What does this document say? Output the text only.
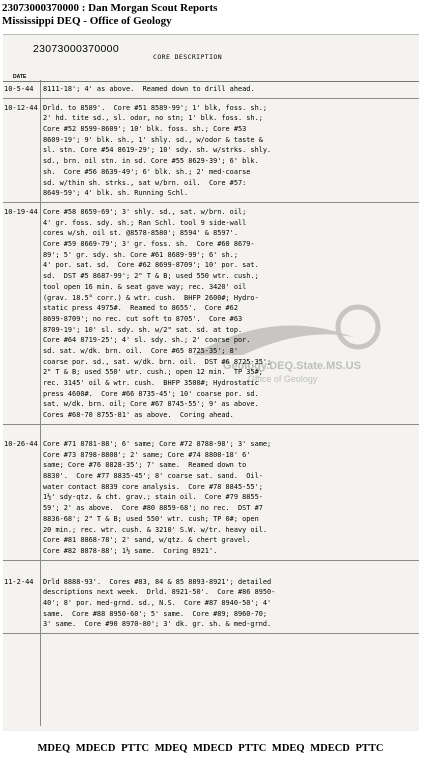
23073000370000 : Dan Morgan Scout Reports
Mississippi DEQ - Office of Geology
23073000370000
CORE DESCRIPTION
DATE
Geology.DEQ.State.MS.US
Office of Geology
10-5-44	8111-18'; 4' as above.  Reamed down to drill ahead.
10-12-44 Drld. to 8589'.  Core #51 8589-99'; 1' blk, foss. sh.;
2' hd. tite sd., sl. odor, no stn; 1' blk. foss. sh.;
Core #52 8599-8609'; 10' blk. foss. sh.; Core #53
8609-19'; 9' blk. sh., 1' shly. sd., w/odor & taste &
sl. stn. Core #54 8619-29'; 10' sdy. sh. w/strks. shly.
sd., brn. oil stn. in sd. Core #55 8629-39'; 6' blk.
sh.  Core #56 8639-49'; 6' blk. sh.; 2' med-coarse
sd. w/thin sh. strks., sat w/brn. oil.  Core #57:
8649-59'; 4' blk. sh. Running Schl.
10-19-44 Core #58 8659-69'; 3' shly. sd., sat. w/brn. oil;
4' gr. foss. sdy. sh.; Ran Schl. tool 9 side-wall
cores w/sh. oil st. @8578-8580'; 8594' & 8597'.
Core #59 8669-79'; 3' gr. foss. sh.  Core #60 8679-
89'; 5' gr. sdy. sh. Core #61 8689-99'; 6' sh.;
4' por. sat. sd.  Core #62 8699-8709'; 10' por. sat.
sd.  DST #5 8687-99'; 2" T & B; used 550 wtr. cush.;
tool open 16 min. & seat gave way; rec. 3420' oil
(grav. 18.5° corr.) & wtr. cush.  BHFP 2600#; Hydro-
static press 4975#.  Reamed to 8655'.  Core #62
8699-8709'; no rec. cut soft to 8705'.  Core #63
8709-19'; 10' sl. sdy. sh. w/2" sat. sd. at top.
Core #64 8719-25'; 4' sl. sdy. sh.; 2' coarse por.
sd. sat. w/dk. brn. oil.  Core #65 8725-35'; 8'
coarse por. sd., sat. w/dk. brn. oil.  DST #6 8725-35';
2" T & B; used 550' wtr. cush.; open 12 min.  TP 35#;
rec. 3145' oil & wtr. cush.  BHFP 3500#; Hydrostatic
press 4600#.  Core #66 8735-45'; 10' coarse por. sd.
sat. w/dk. brn. oil; Core #67 8745-55'; 9' as above.
Cores #68-70 8755-81' as above.  Coring ahead.
10-26-44 Core #71 8781-88'; 6' same; Core #72 8788-98'; 3' same;
Core #73 8798-8808'; 2' same; Core #74 8808-18' 6'
same; Core #76 8828-35'; 7' same.  Reamed down to
8830'.  Core #77 8835-45'; 8' coarse sat. sand.  Oil-
water contact 8839 core analysis.  Core #78 8845-55';
1½' sdy-qtz. & cht. grav.; stain oil.  Core #79 8855-
59'; 2' as above.  Core #80 8859-68'; no rec.  DST #7
8836-68'; 2" T & B; used 550' wtr. cush; TP 0#; open
20 min.; rec. wtr. cush. & 3210' S.W. w/tr. heavy oil.
Core #81 8868-78'; 2' sand, w/qtz. & chert gravel.
Core #82 8878-88'; 1½ same.  Coring 8921'.
11-2-44	Drld 8888-93'.  Cores #83, 84 & 85 8893-8921'; detailed
descriptions next week.  Drld. 8921-50'.  Core #86 8950-
40'; 8' por. med-grnd. sd., N.S.  Core #87 8940-50'; 4'
same.  Core #88 8950-60'; 5' same.  Core #89; 8960-70;
3' same.  Core #90 8970-80'; 3' dk. gr. sh. & med-grnd.
MDEQ MDECD PTTC MDEQ MDECD PTTC MDEQ MDECD PTTC
